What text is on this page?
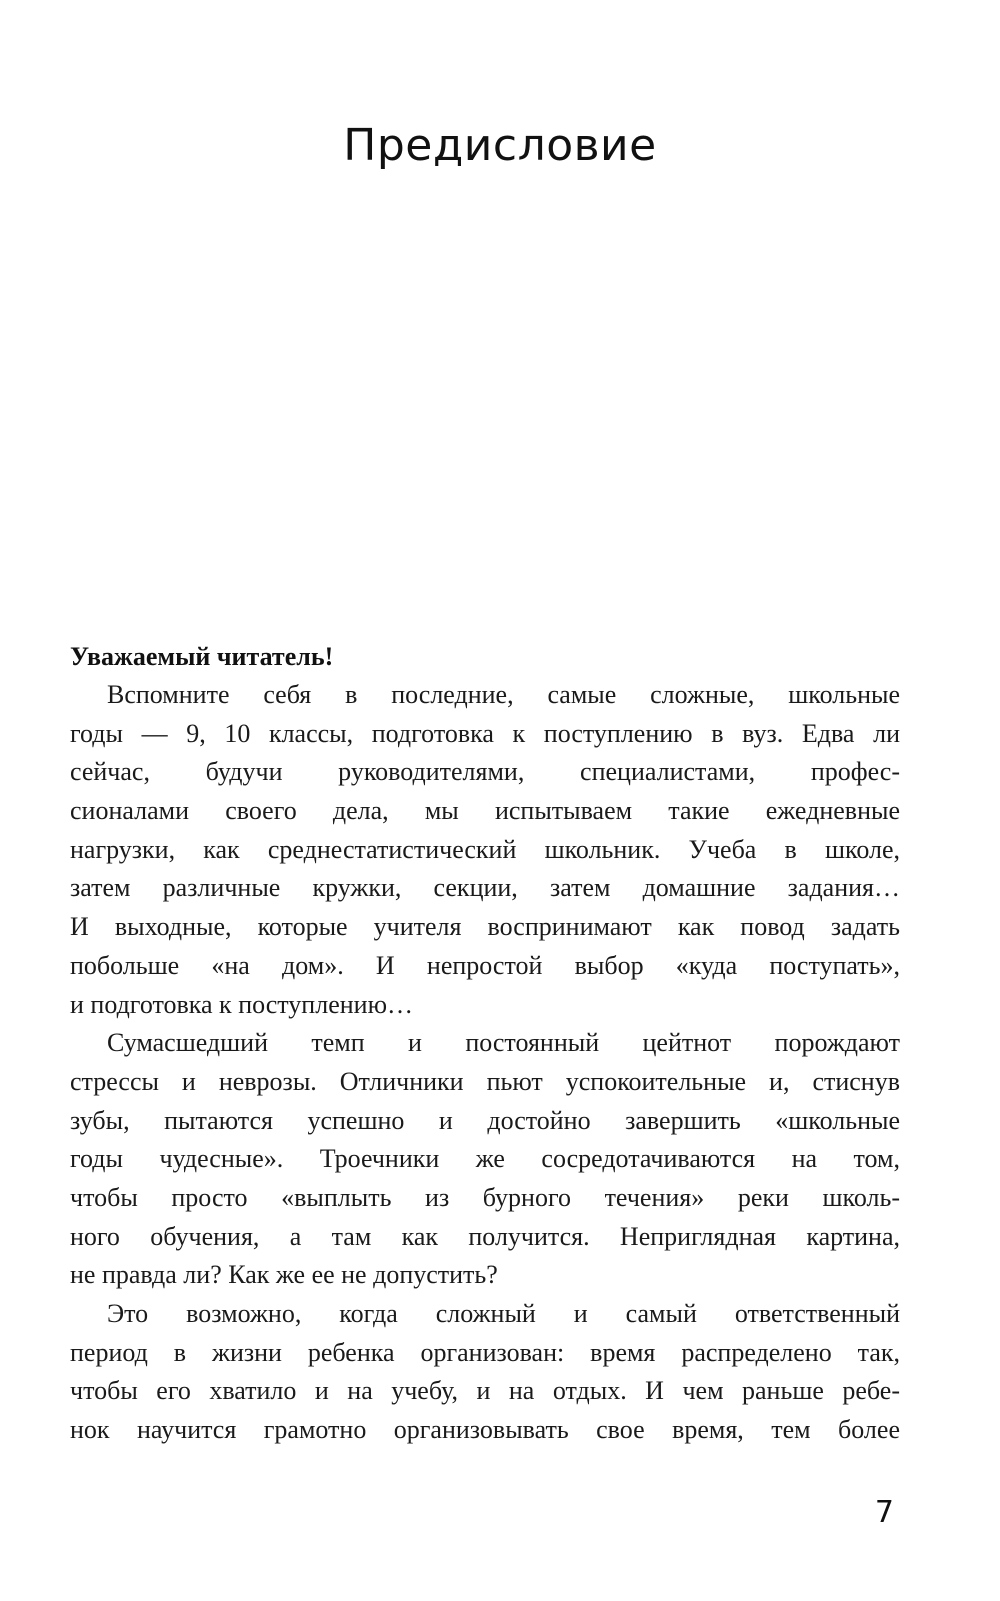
Предисловие

Уважаемый читатель!

Вспомните себя в последние, самые сложные, школьные
годы — 9, 10 классы, подготовка к поступлению в вуз. Едва ли
сейчас, будучи руководителями, специалистами, профес-
сионалами своего дела, мы испытываем такие ежедневные
нагрузки, как среднестатистический школьник. Учеба в школе,
затем различные кружки, секции, затем домашние задания…
И выходные, которые учителя воспринимают как повод задать
побольше «на дом». И непростой выбор «куда поступать»,
и подготовка к поступлению…
Сумасшедший темп и постоянный цейтнот порождают
стрессы и неврозы. Отличники пьют успокоительные и, стиснув
зубы, пытаются успешно и достойно завершить «школьные
годы чудесные». Троечники же сосредотачиваются на том,
чтобы просто «выплыть из бурного течения» реки школь-
ного обучения, а там как получится. Неприглядная картина,
не правда ли? Как же ее не допустить?
Это возможно, когда сложный и самый ответственный
период в жизни ребенка организован: время распределено так,
чтобы его хватило и на учебу, и на отдых. И чем раньше ребе-
нок научится грамотно организовывать свое время, тем более

7
